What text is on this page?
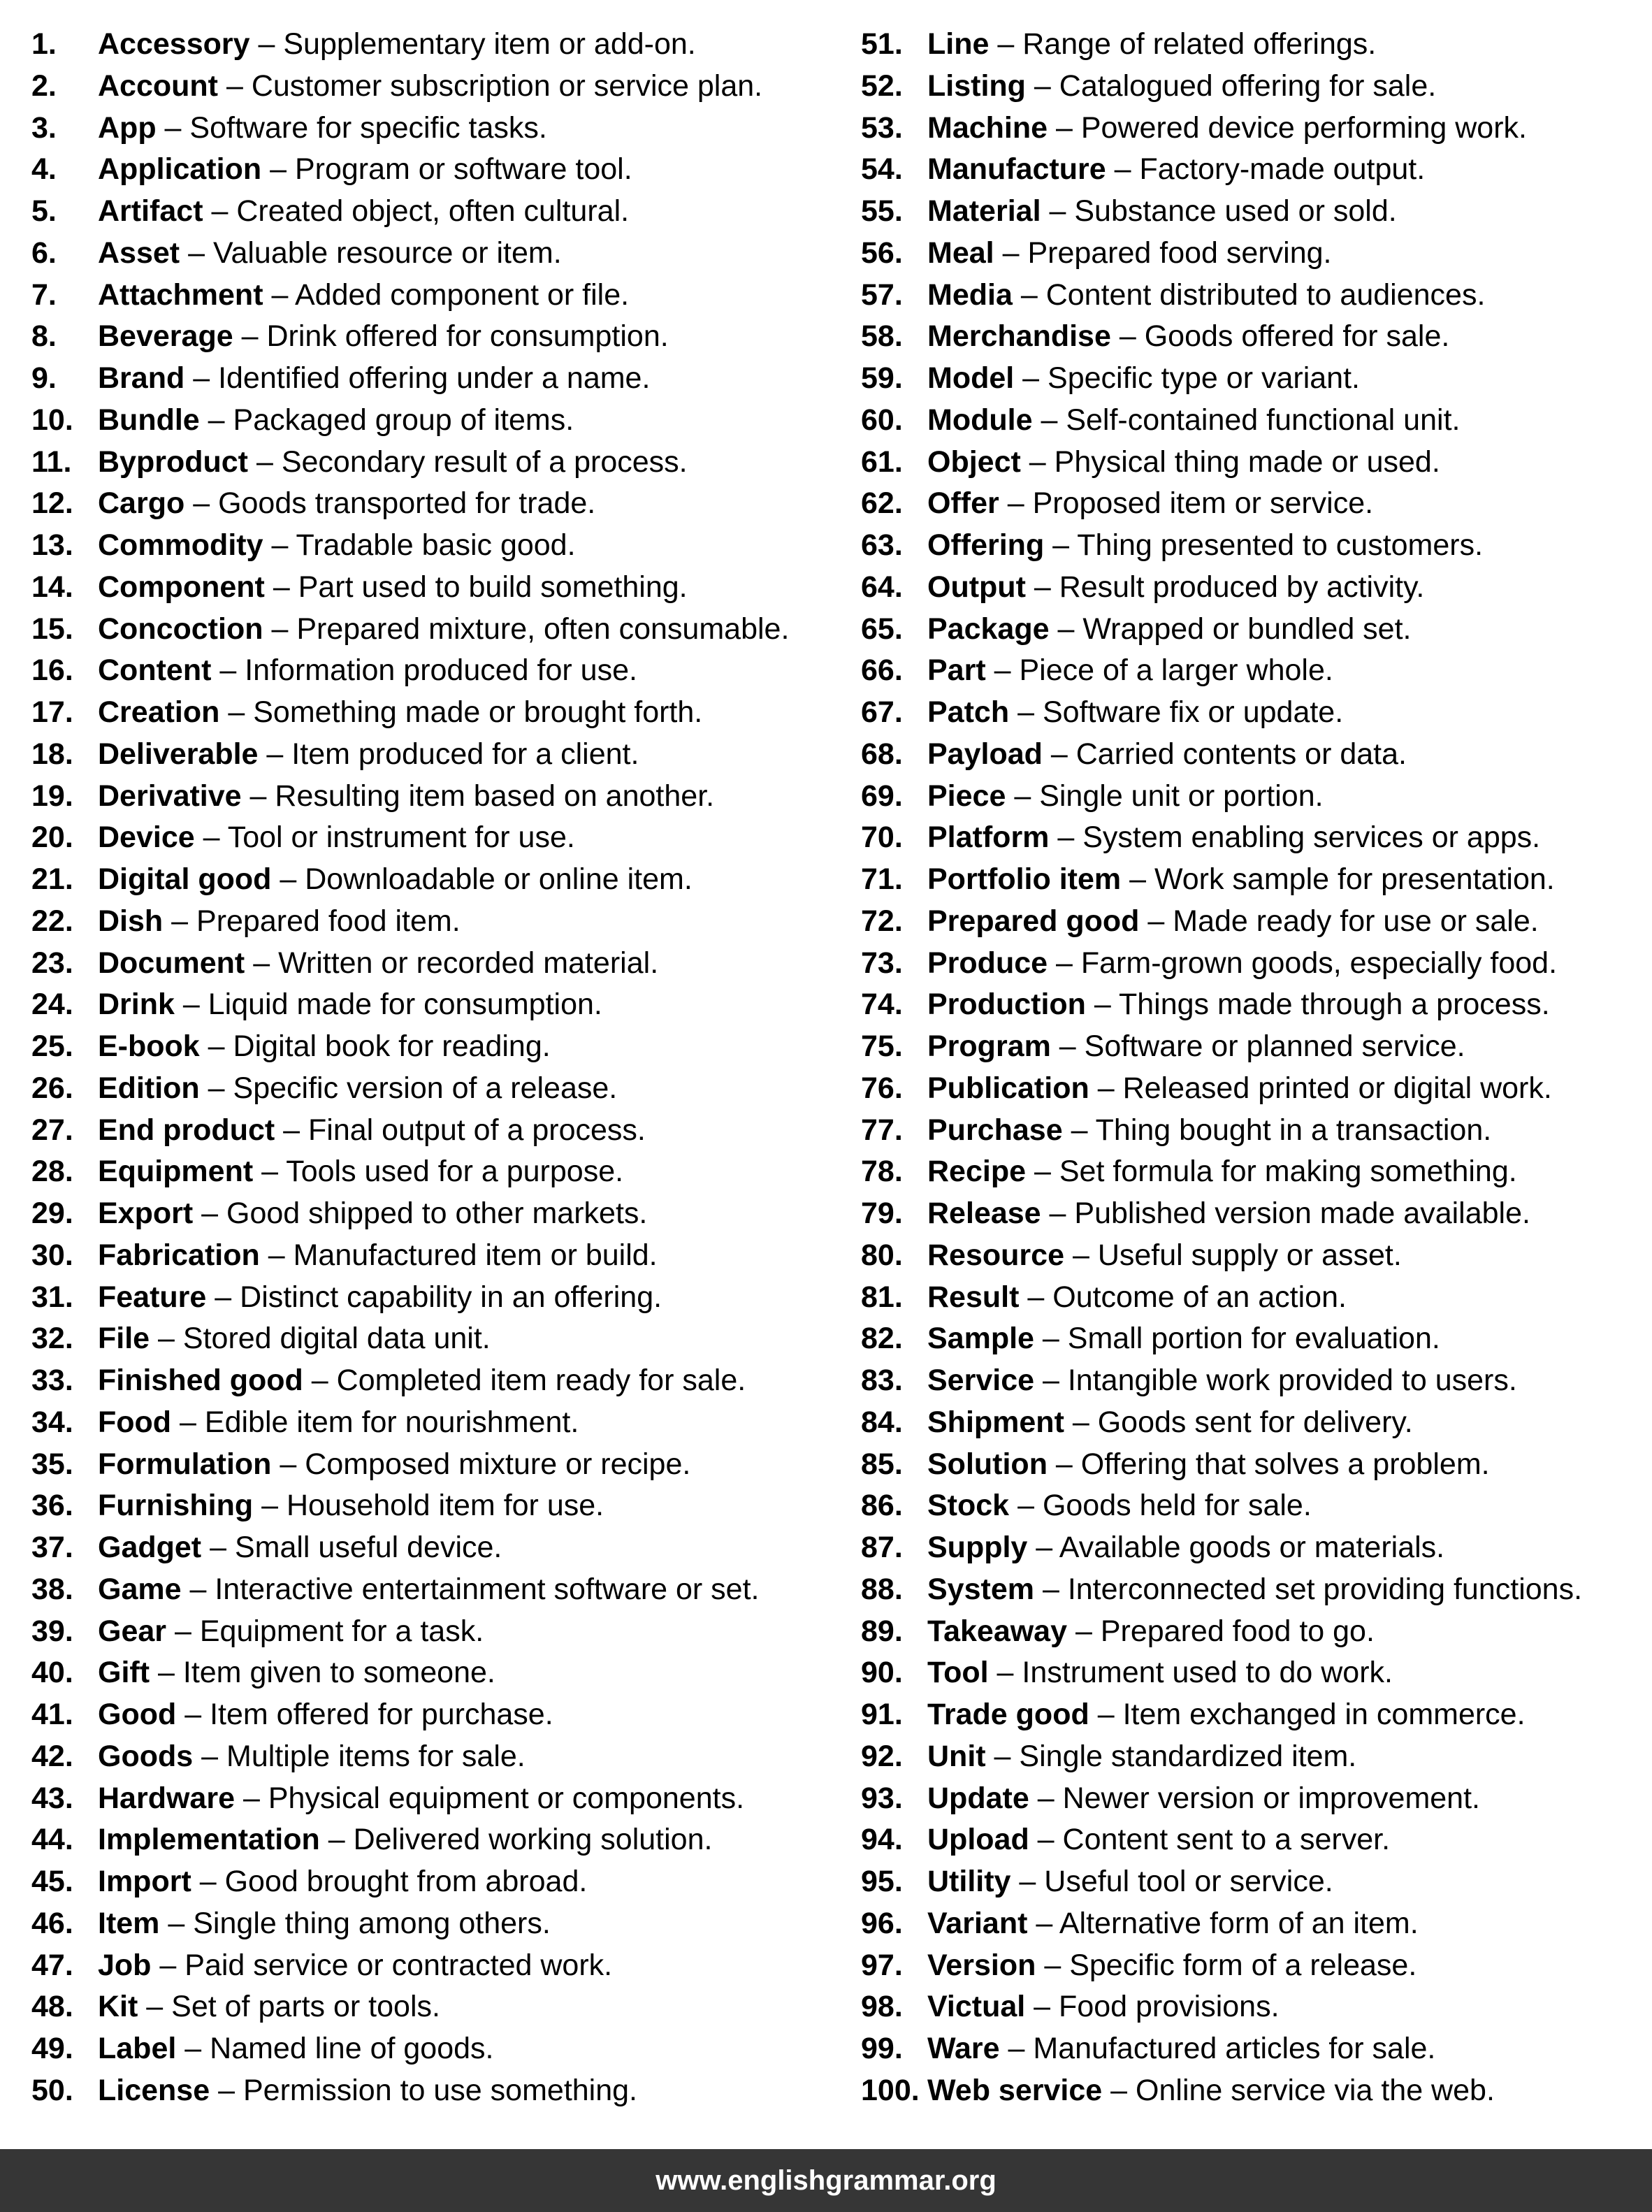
1. Accessory – Supplementary item or add-on.
2. Account – Customer subscription or service plan.
3. App – Software for specific tasks.
4. Application – Program or software tool.
5. Artifact – Created object, often cultural.
6. Asset – Valuable resource or item.
7. Attachment – Added component or file.
8. Beverage – Drink offered for consumption.
9. Brand – Identified offering under a name.
10. Bundle – Packaged group of items.
11. Byproduct – Secondary result of a process.
12. Cargo – Goods transported for trade.
13. Commodity – Tradable basic good.
14. Component – Part used to build something.
15. Concoction – Prepared mixture, often consumable.
16. Content – Information produced for use.
17. Creation – Something made or brought forth.
18. Deliverable – Item produced for a client.
19. Derivative – Resulting item based on another.
20. Device – Tool or instrument for use.
21. Digital good – Downloadable or online item.
22. Dish – Prepared food item.
23. Document – Written or recorded material.
24. Drink – Liquid made for consumption.
25. E-book – Digital book for reading.
26. Edition – Specific version of a release.
27. End product – Final output of a process.
28. Equipment – Tools used for a purpose.
29. Export – Good shipped to other markets.
30. Fabrication – Manufactured item or build.
31. Feature – Distinct capability in an offering.
32. File – Stored digital data unit.
33. Finished good – Completed item ready for sale.
34. Food – Edible item for nourishment.
35. Formulation – Composed mixture or recipe.
36. Furnishing – Household item for use.
37. Gadget – Small useful device.
38. Game – Interactive entertainment software or set.
39. Gear – Equipment for a task.
40. Gift – Item given to someone.
41. Good – Item offered for purchase.
42. Goods – Multiple items for sale.
43. Hardware – Physical equipment or components.
44. Implementation – Delivered working solution.
45. Import – Good brought from abroad.
46. Item – Single thing among others.
47. Job – Paid service or contracted work.
48. Kit – Set of parts or tools.
49. Label – Named line of goods.
50. License – Permission to use something.
51. Line – Range of related offerings.
52. Listing – Catalogued offering for sale.
53. Machine – Powered device performing work.
54. Manufacture – Factory-made output.
55. Material – Substance used or sold.
56. Meal – Prepared food serving.
57. Media – Content distributed to audiences.
58. Merchandise – Goods offered for sale.
59. Model – Specific type or variant.
60. Module – Self-contained functional unit.
61. Object – Physical thing made or used.
62. Offer – Proposed item or service.
63. Offering – Thing presented to customers.
64. Output – Result produced by activity.
65. Package – Wrapped or bundled set.
66. Part – Piece of a larger whole.
67. Patch – Software fix or update.
68. Payload – Carried contents or data.
69. Piece – Single unit or portion.
70. Platform – System enabling services or apps.
71. Portfolio item – Work sample for presentation.
72. Prepared good – Made ready for use or sale.
73. Produce – Farm-grown goods, especially food.
74. Production – Things made through a process.
75. Program – Software or planned service.
76. Publication – Released printed or digital work.
77. Purchase – Thing bought in a transaction.
78. Recipe – Set formula for making something.
79. Release – Published version made available.
80. Resource – Useful supply or asset.
81. Result – Outcome of an action.
82. Sample – Small portion for evaluation.
83. Service – Intangible work provided to users.
84. Shipment – Goods sent for delivery.
85. Solution – Offering that solves a problem.
86. Stock – Goods held for sale.
87. Supply – Available goods or materials.
88. System – Interconnected set providing functions.
89. Takeaway – Prepared food to go.
90. Tool – Instrument used to do work.
91. Trade good – Item exchanged in commerce.
92. Unit – Single standardized item.
93. Update – Newer version or improvement.
94. Upload – Content sent to a server.
95. Utility – Useful tool or service.
96. Variant – Alternative form of an item.
97. Version – Specific form of a release.
98. Victual – Food provisions.
99. Ware – Manufactured articles for sale.
100. Web service – Online service via the web.
www.englishgrammar.org
